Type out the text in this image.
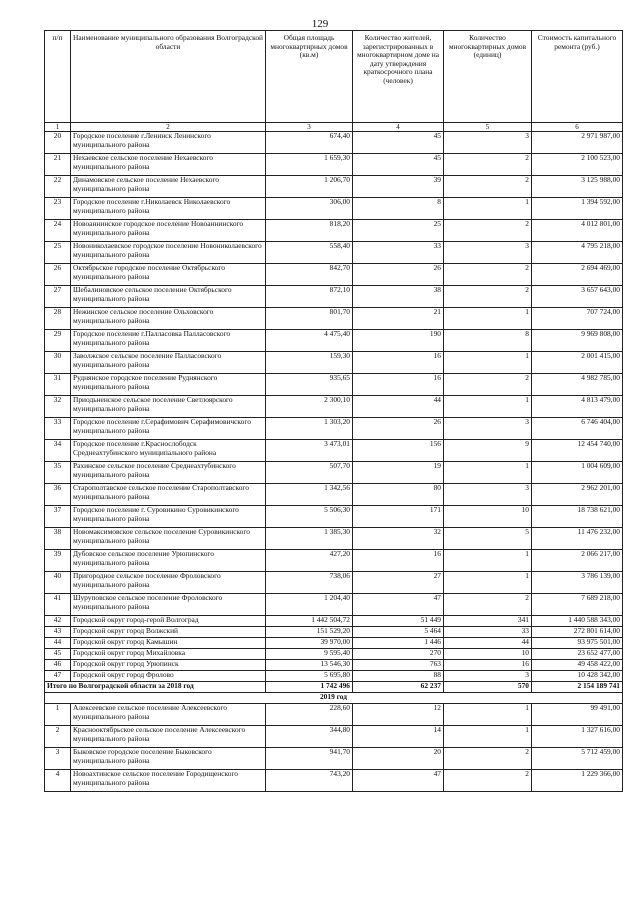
129
п/п	Наименование муниципального образования Волгоградской области	Общая площадь многоквартирных домов (кв.м)	Количество жителей, зарегистрированных в многоквартирном доме на дату утверждения краткосрочного плана (человек)	Количество многоквартирных домов (единиц)	Стоимость капитального ремонта (руб.)
1	2	3	4	5	6
20	Городское поселение г.Ленинск Ленинского муниципального района	674,40	45	3	2 971 987,00
21	Нехаевское сельское поселение Нехаевского муниципального района	1 659,30	45	2	2 100 523,00
22	Динамовское сельское поселение Нехаевского муниципального района	1 206,70	39	2	3 125 988,00
23	Городское поселение г.Николаевск Николаевского муниципального района	306,00	8	1	1 394 592,00
24	Новоаннинское городское поселение Новоаннинского муниципального района	818,20	25	2	4 012 801,00
25	Новониколаевское городское поселение Новониколаевского муниципального района	558,40	33	3	4 795 218,00
26	Октябрьское городское поселение Октябрьского муниципального района	842,70	26	2	2 694 469,00
27	Шебалиновское сельское поселение Октябрьского муниципального района	872,10	38	2	3 657 643,00
28	Нежинское сельское поселение Ольховского муниципального района	801,70	21	1	707 724,00
29	Городское поселение г.Палласовка Палласовского муниципального района	4 475,40	190	8	9 969 808,00
30	Заволжское сельское поселение Палласовского муниципального района	159,30	16	1	2 001 415,00
31	Руднянское городское поселение Руднянского муниципального района	935,65	16	2	4 982 785,00
32	Приодьненское сельское поселение Светлоярского муниципального района	2 300,10	44	1	4 813 479,00
33	Городское поселение г.Серафимович Серафимовичского муниципального района	1 303,20	26	3	6 746 404,00
34	Городское поселение г.Краснослободск Среднеахтубинского муниципального района	3 473,01	156	9	12 454 740,00
35	Рахинское сельское поселение Среднеахтубинского муниципального района	507,70	19	1	1 004 609,00
36	Старополтавское сельское поселение Старополтавского муниципального района	1 342,56	80	3	2 962 201,00
37	Городское поселение г. Суровикино Суровикинского муниципального района	5 506,30	171	10	18 738 621,00
38	Новомаксимовское сельское поселение Суровикинского муниципального района	1 385,30	32	5	11 476 232,00
39	Дубовское сельское поселение Урюпинского муниципального района	427,20	16	1	2 066 217,00
40	Пригородное сельское поселение Фроловского муниципального района	738,06	27	1	3 786 139,00
41	Шуруповское сельское поселение Фроловского муниципального района	1 204,40	47	2	7 689 218,00
42	Городской округ город-герой Волгоград	1 442 504,72	51 449	341	1 440 588 343,00
43	Городской округ город Волжский	151 529,20	5 464	33	272 801 614,00
44	Городской округ город Камышин	39 970,00	1 446	44	93 975 501,00
45	Городской округ город Михайловка	9 595,40	270	10	23 652 477,00
46	Городской округ город Урюпинск	13 546,30	763	16	49 458 422,00
47	Городской округ город Фролово	5 695,80	88	3	10 428 342,00
Итого по Волгоградской области за 2018 год		1 742 496	62 237	570	2 154 189 741
2019 год					
1	Алексеевское сельское поселение Алексеевского муниципального района	228,60	12	1	99 491,00
2	Краснооктябрьское сельское поселение Алексеевского муниципального района	344,80	14	1	1 327 616,00
3	Быковское городское поселение Быковского муниципального района	941,70	20	2	5 712 459,00
4	Новоахтинское сельское поселение Городищенского муниципального района	743,20	47	2	1 229 366,00
